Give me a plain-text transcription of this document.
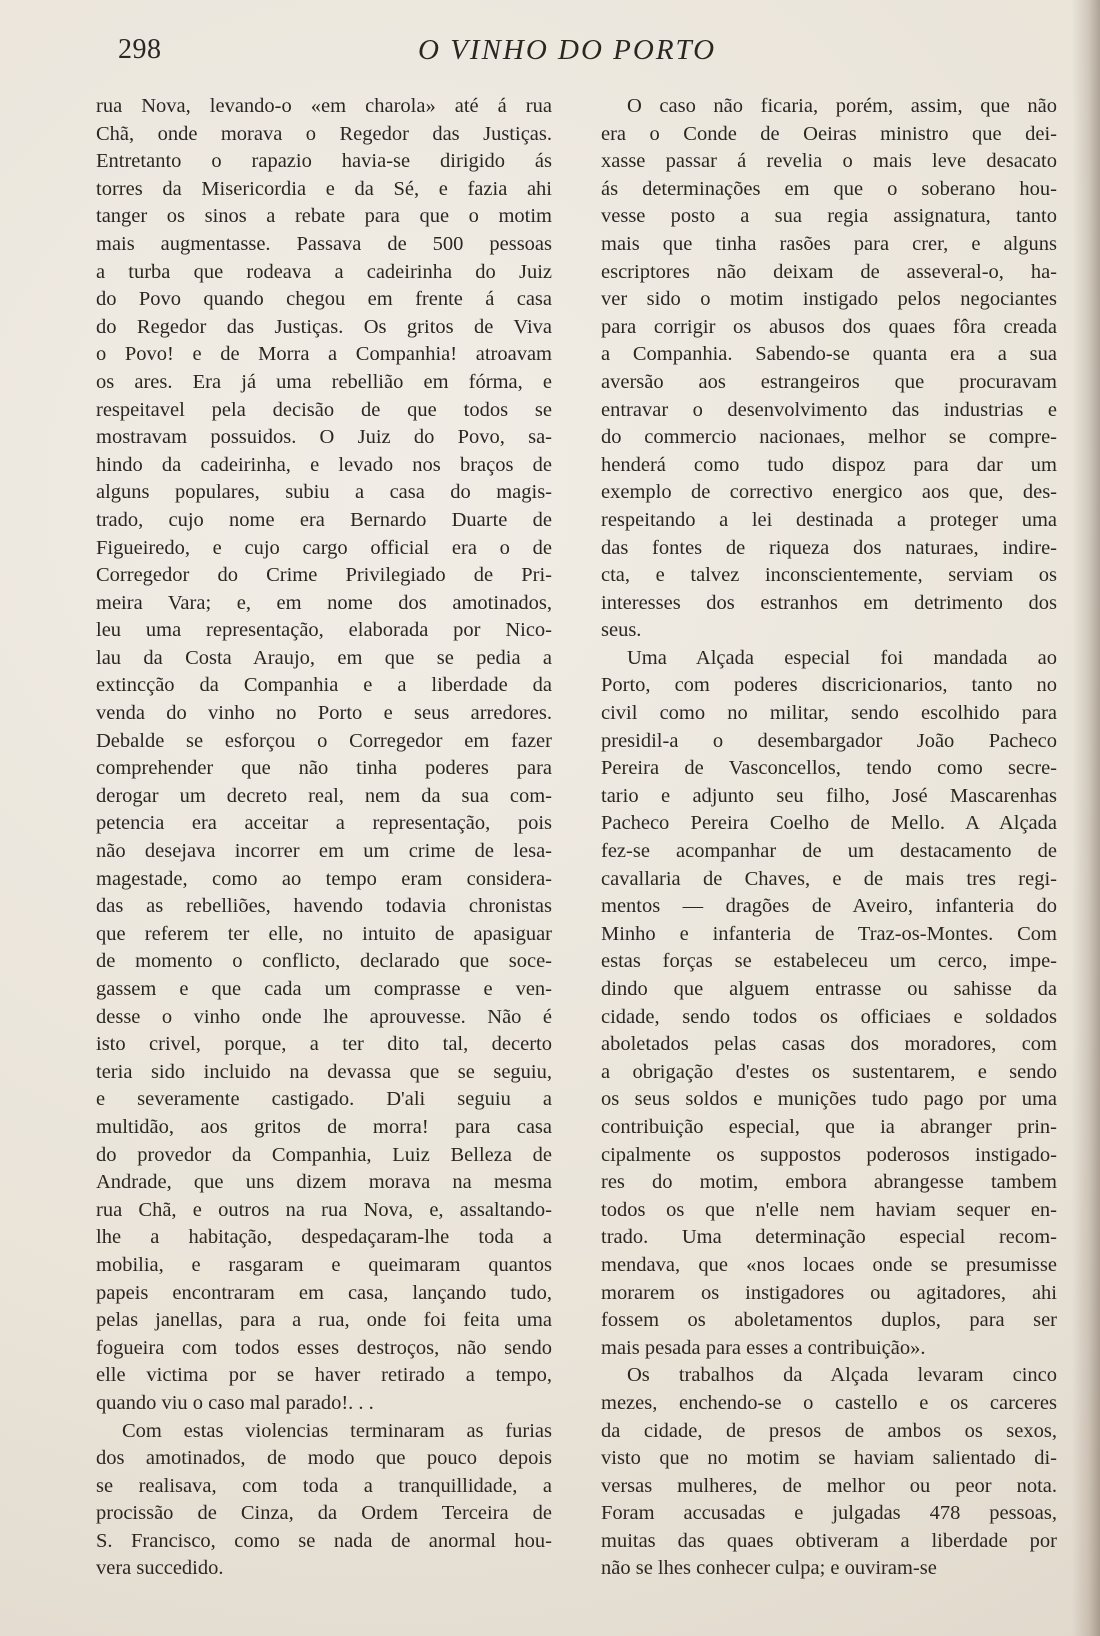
298	O VINHO DO PORTO
rua Nova, levando-o «em charola» até á rua
Chã, onde morava o Regedor das Justiças.
Entretanto o rapazio havia-se dirigido ás
torres da Misericordia e da Sé, e fazia ahi
tanger os sinos a rebate para que o motim
mais augmentasse. Passava de 500 pessoas
a turba que rodeava a cadeirinha do Juiz
do Povo quando chegou em frente á casa
do Regedor das Justiças. Os gritos de Viva
o Povo! e de Morra a Companhia! atroavam
os ares. Era já uma rebellião em fórma, e
respeitavel pela decisão de que todos se
mostravam possuidos. O Juiz do Povo, sa-
hindo da cadeirinha, e levado nos braços de
alguns populares, subiu a casa do magis-
trado, cujo nome era Bernardo Duarte de
Figueiredo, e cujo cargo official era o de
Corregedor do Crime Privilegiado de Pri-
meira Vara; e, em nome dos amotinados,
leu uma representação, elaborada por Nico-
lau da Costa Araujo, em que se pedia a
extincção da Companhia e a liberdade da
venda do vinho no Porto e seus arredores.
Debalde se esforçou o Corregedor em fazer
comprehender que não tinha poderes para
derogar um decreto real, nem da sua com-
petencia era acceitar a representação, pois
não desejava incorrer em um crime de lesa-
magestade, como ao tempo eram considera-
das as rebelliões, havendo todavia chronistas
que referem ter elle, no intuito de apasiguar
de momento o conflicto, declarado que soce-
gassem e que cada um comprasse e ven-
desse o vinho onde lhe aprouvesse. Não é
isto crivel, porque, a ter dito tal, decerto
teria sido incluido na devassa que se seguiu,
e severamente castigado. D'ali seguiu a
multidão, aos gritos de morra! para casa
do provedor da Companhia, Luiz Belleza de
Andrade, que uns dizem morava na mesma
rua Chã, e outros na rua Nova, e, assaltando-
lhe a habitação, despedaçaram-lhe toda a
mobilia, e rasgaram e queimaram quantos
papeis encontraram em casa, lançando tudo,
pelas janellas, para a rua, onde foi feita uma
fogueira com todos esses destroços, não sendo
elle victima por se haver retirado a tempo,
quando viu o caso mal parado!. . .
Com estas violencias terminaram as furias
dos amotinados, de modo que pouco depois
se realisava, com toda a tranquillidade, a
procissão de Cinza, da Ordem Terceira de
S. Francisco, como se nada de anormal hou-
vera succedido.
O caso não ficaria, porém, assim, que não
era o Conde de Oeiras ministro que dei-
xasse passar á revelia o mais leve desacato
ás determinações em que o soberano hou-
vesse posto a sua regia assignatura, tanto
mais que tinha rasões para crer, e alguns
escriptores não deixam de asseveral-o, ha-
ver sido o motim instigado pelos negociantes
para corrigir os abusos dos quaes fôra creada
a Companhia. Sabendo-se quanta era a sua
aversão aos estrangeiros que procuravam
entravar o desenvolvimento das industrias e
do commercio nacionaes, melhor se compre-
henderá como tudo dispoz para dar um
exemplo de correctivo energico aos que, des-
respeitando a lei destinada a proteger uma
das fontes de riqueza dos naturaes, indire-
cta, e talvez inconscientemente, serviam os
interesses dos estranhos em detrimento dos
seus.
Uma Alçada especial foi mandada ao
Porto, com poderes discricionarios, tanto no
civil como no militar, sendo escolhido para
presidil-a o desembargador João Pacheco
Pereira de Vasconcellos, tendo como secre-
tario e adjunto seu filho, José Mascarenhas
Pacheco Pereira Coelho de Mello. A Alçada
fez-se acompanhar de um destacamento de
cavallaria de Chaves, e de mais tres regi-
mentos — dragões de Aveiro, infanteria do
Minho e infanteria de Traz-os-Montes. Com
estas forças se estabeleceu um cerco, impe-
dindo que alguem entrasse ou sahisse da
cidade, sendo todos os officiaes e soldados
aboletados pelas casas dos moradores, com
a obrigação d'estes os sustentarem, e sendo
os seus soldos e munições tudo pago por uma
contribuição especial, que ia abranger prin-
cipalmente os suppostos poderosos instigado-
res do motim, embora abrangesse tambem
todos os que n'elle nem haviam sequer en-
trado. Uma determinação especial recom-
mendava, que «nos locaes onde se presumisse
morarem os instigadores ou agitadores, ahi
fossem os aboletamentos duplos, para ser
mais pesada para esses a contribuição».
Os trabalhos da Alçada levaram cinco
mezes, enchendo-se o castello e os carceres
da cidade, de presos de ambos os sexos,
visto que no motim se haviam salientado di-
versas mulheres, de melhor ou peor nota.
Foram accusadas e julgadas 478 pessoas,
muitas das quaes obtiveram a liberdade por
não se lhes conhecer culpa; e ouviram-se
